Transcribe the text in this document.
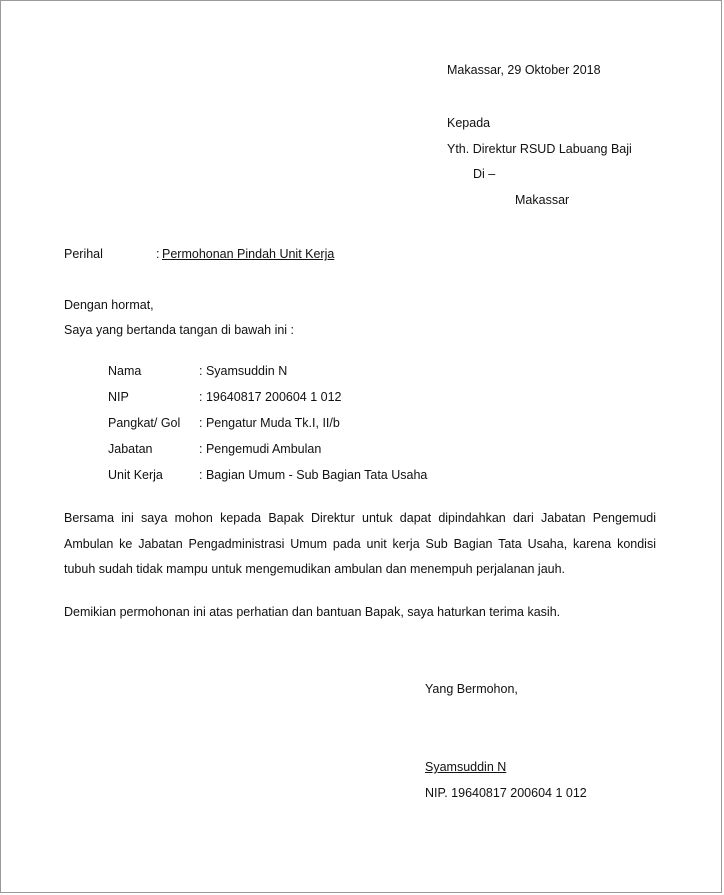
Makassar, 29 Oktober 2018
Kepada
Yth. Direktur RSUD Labuang Baji
Di –
Makassar
Perihal	: Permohonan Pindah Unit Kerja
Dengan hormat,
Saya yang bertanda tangan di bawah ini :
Nama	: Syamsuddin N
NIP	: 19640817 200604 1 012
Pangkat/ Gol : Pengatur Muda Tk.I, II/b
Jabatan	: Pengemudi Ambulan
Unit Kerja	: Bagian Umum - Sub Bagian Tata Usaha
Bersama ini saya mohon kepada Bapak Direktur untuk dapat dipindahkan dari Jabatan Pengemudi Ambulan ke Jabatan Pengadministrasi Umum pada unit kerja Sub Bagian Tata Usaha, karena kondisi tubuh sudah tidak mampu untuk mengemudikan ambulan dan menempuh perjalanan jauh.
Demikian permohonan ini atas perhatian dan bantuan Bapak, saya haturkan terima kasih.
Yang Bermohon,
Syamsuddin N
NIP. 19640817 200604 1 012
